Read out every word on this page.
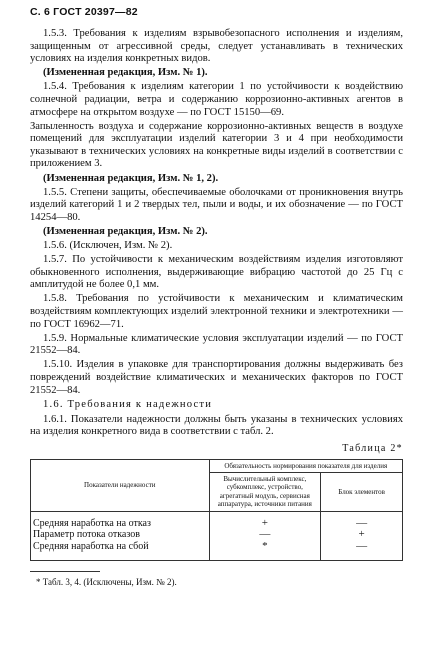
С. 6 ГОСТ 20397—82

1.5.3. Требования к изделиям взрывобезопасного исполнения и изделиям, защищенным от агрессивной среды, следует устанавливать в технических условиях на изделия конкретных видов.

(Измененная редакция, Изм. № 1).

1.5.4. Требования к изделиям категории 1 по устойчивости к воздействию солнечной радиации, ветра и содержанию коррозионно-активных агентов в атмосфере на открытом воздухе — по ГОСТ 15150—69.

Запыленность воздуха и содержание коррозионно-активных веществ в воздухе помещений для эксплуатации изделий категории 3 и 4 при необходимости указывают в технических условиях на конкретные виды изделий в соответствии с приложением 3.

(Измененная редакция, Изм. № 1, 2).

1.5.5. Степени защиты, обеспечиваемые оболочками от проникновения внутрь изделий категорий 1 и 2 твердых тел, пыли и воды, и их обозначение — по ГОСТ 14254—80.

(Измененная редакция, Изм. № 2).

1.5.6. (Исключен, Изм. № 2).

1.5.7. По устойчивости к механическим воздействиям изделия изготовляют обыкновенного исполнения, выдерживающие вибрацию частотой до 25 Гц с амплитудой не более 0,1 мм.

1.5.8. Требования по устойчивости к механическим и климатическим воздействиям комплектующих изделий электронной техники и электротехники — по ГОСТ 16962—71.

1.5.9. Нормальные климатические условия эксплуатации изделий — по ГОСТ 21552—84.

1.5.10. Изделия в упаковке для транспортирования должны выдерживать без повреждений воздействие климатических и механических факторов по ГОСТ 21552—84.

1.6. Требования к надежности

1.6.1. Показатели надежности должны быть указаны в технических условиях на изделия конкретного вида в соответствии с табл. 2.

Таблица 2*
Показатели надежности	Обязательность нормирования показателя для изделия	
	Вычислительный комплекс, субкомплекс, устройство, агрегатный модуль, сервисная аппаратура, источники питания	Блок элементов
Средняя наработка на отказ	+	—
Параметр потока отказов	—	+
Средняя наработка на сбой	*	—
* Табл. 3, 4. (Исключены, Изм. № 2).
